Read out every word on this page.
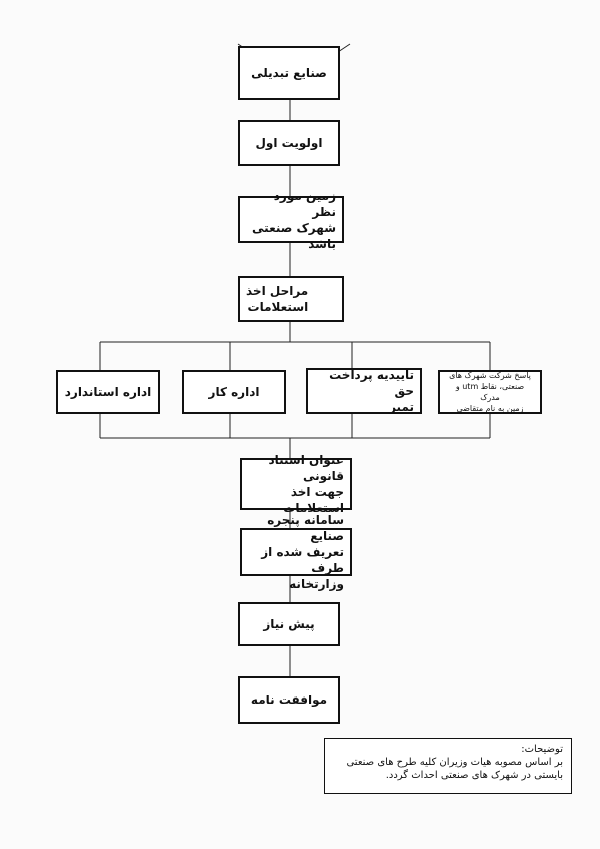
صنایع تبدیلی
اولویت اول
زمین مورد نظر
شهرک صنعتی باشد
مراحل اخذ
استعلامات
اداره استاندارد	اداره کار
تاییدیه پرداخت حق
تمبر
پاسخ شرکت شهرک های
صنعتی، نقاط utm و مدرک
زمین به نام متقاضی
عنوان استناد قانونی
جهت اخذ استعلامات
سامانه پنجره صنایع
تعریف شده از طرف
وزارتخانه
پیش نیاز
موافقت نامه
توضیحات:
بر اساس مصوبه هیات وزیران کلیه طرح های صنعتی
بایستی در شهرک های صنعتی احداث گردد.
